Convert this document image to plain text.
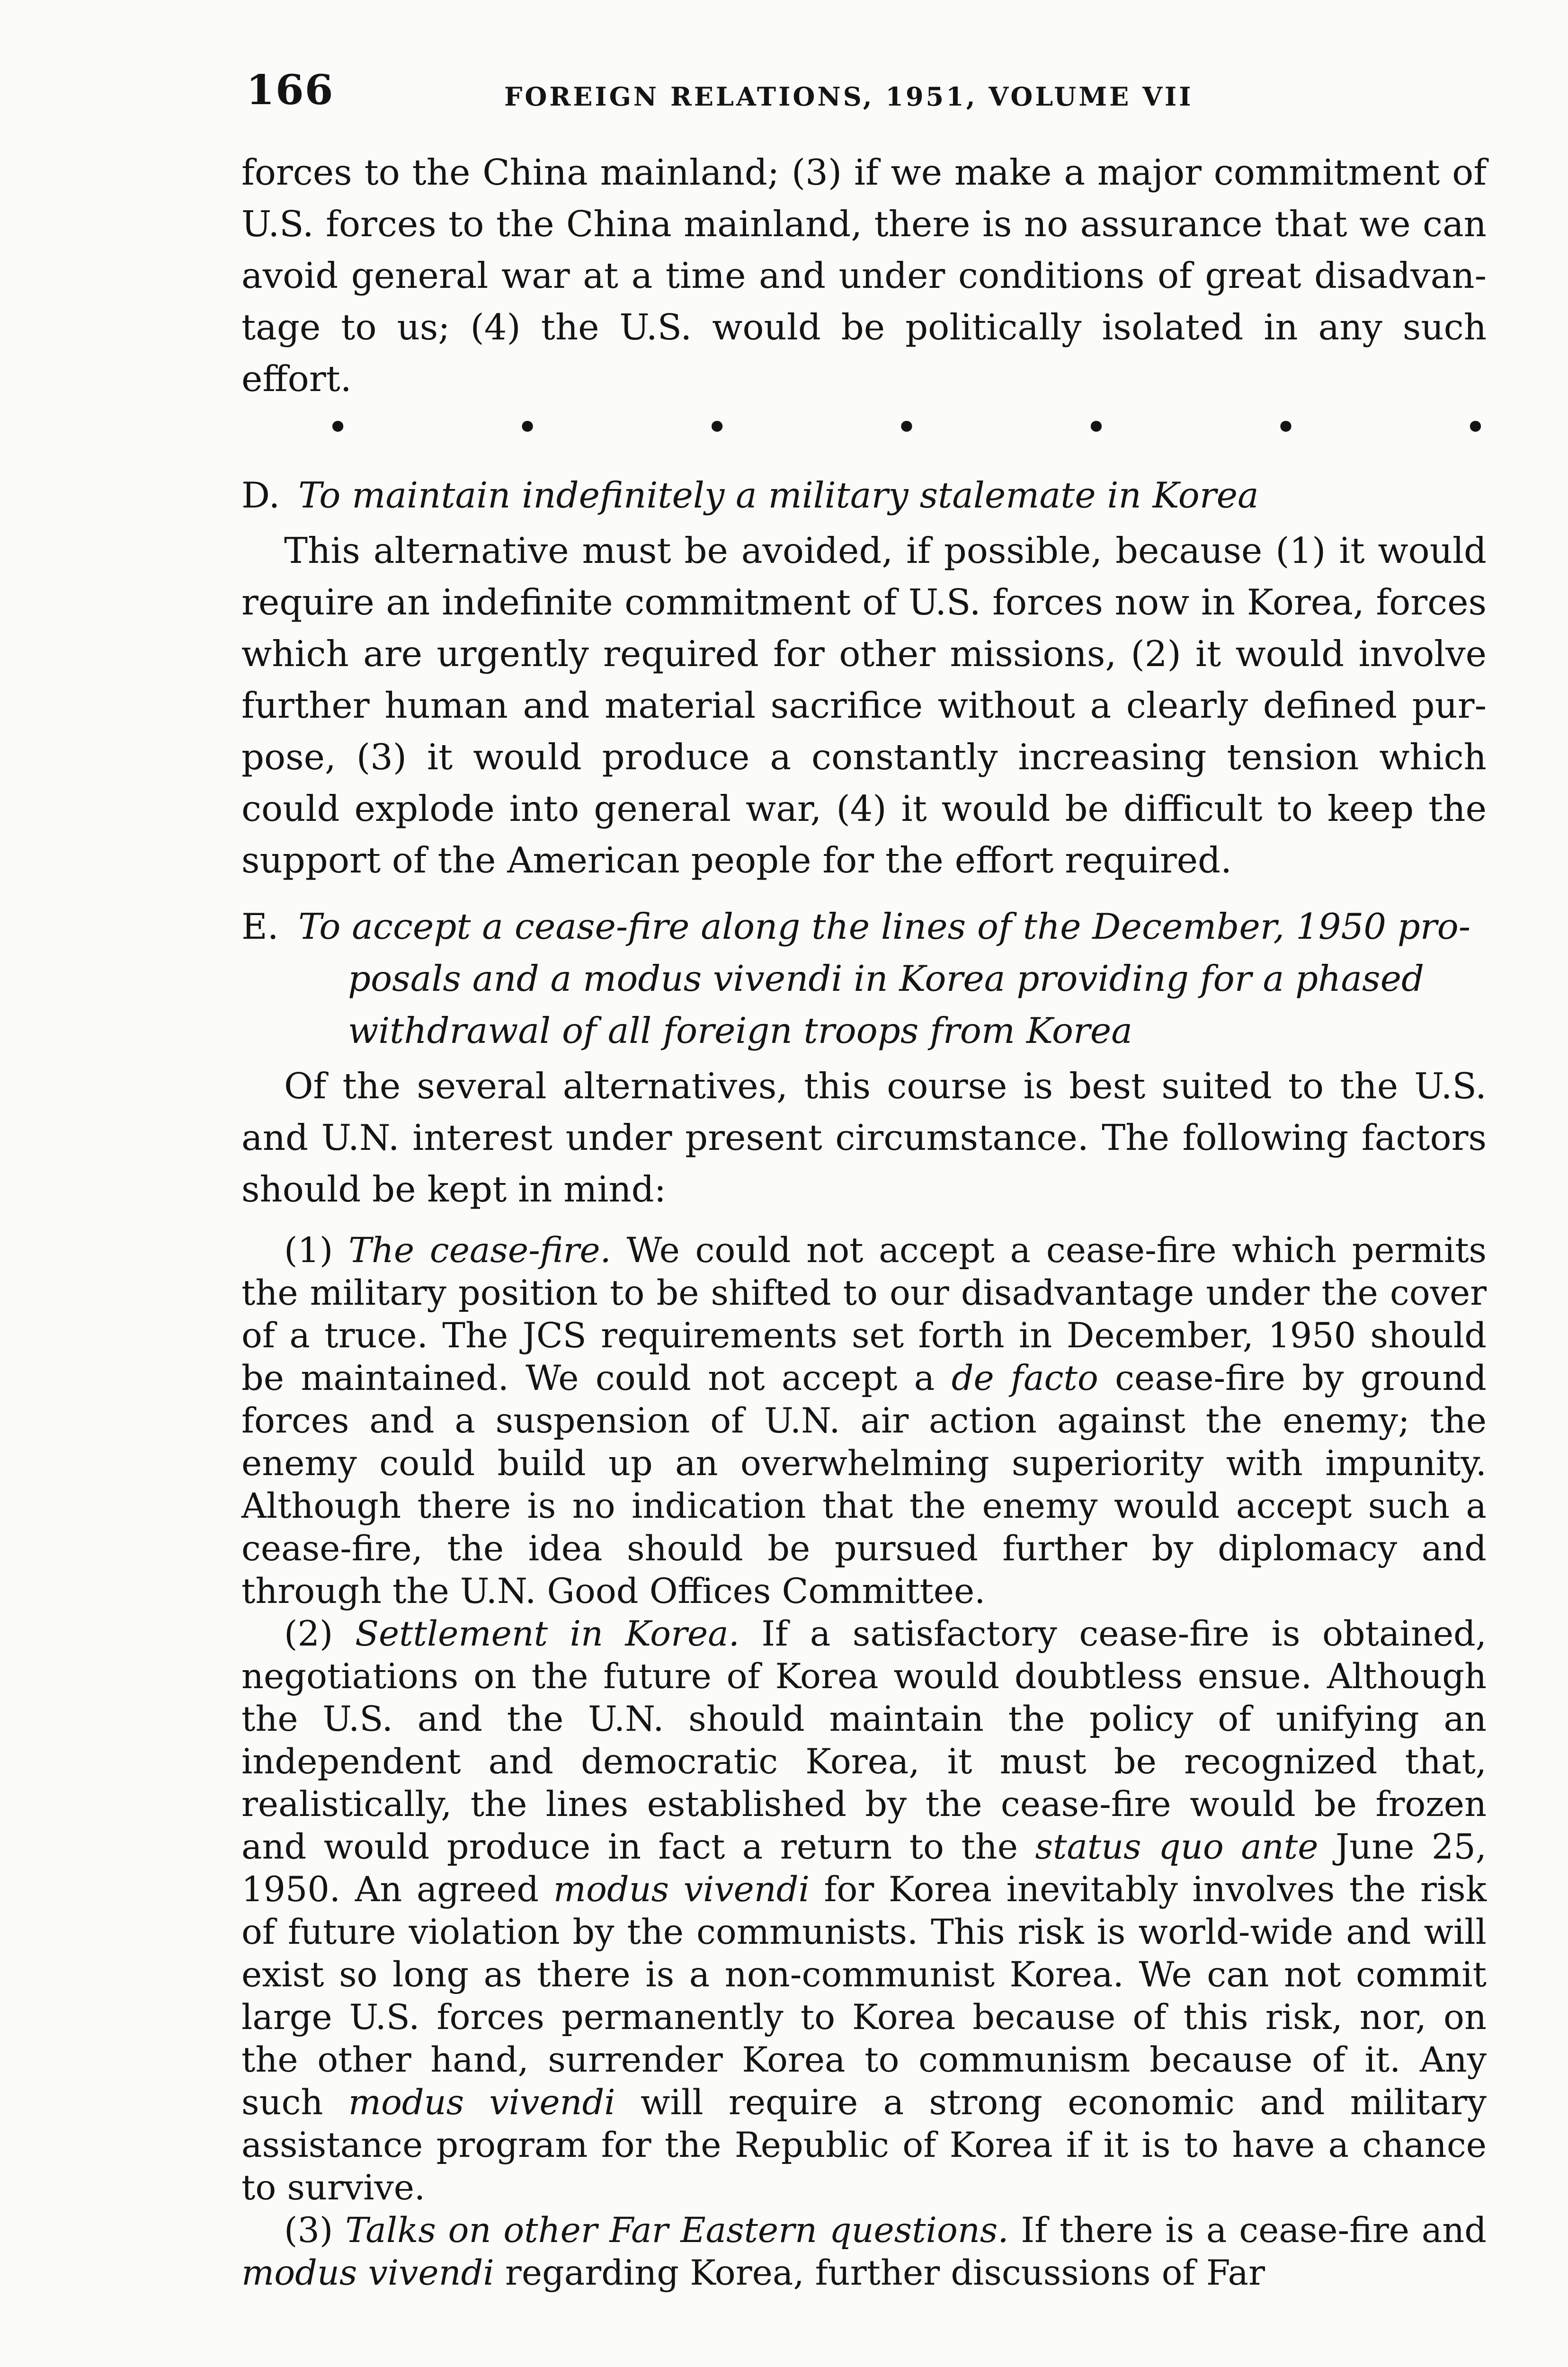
166	FOREIGN RELATIONS, 1951, VOLUME VII

forces to the China mainland; (3) if we make a major commitment of U.S. forces to the China mainland, there is no assurance that we can avoid general war at a time and under conditions of great disadvantage to us; (4) the U.S. would be politically isolated in any such effort.

•	•	•	•	•	•	•

D. To maintain indefinitely a military stalemate in Korea

This alternative must be avoided, if possible, because (1) it would require an indefinite commitment of U.S. forces now in Korea, forces which are urgently required for other missions, (2) it would involve further human and material sacrifice without a clearly defined purpose, (3) it would produce a constantly increasing tension which could explode into general war, (4) it would be difficult to keep the support of the American people for the effort required.

E. To accept a cease-fire along the lines of the December, 1950 proposals and a modus vivendi in Korea providing for a phased withdrawal of all foreign troops from Korea

Of the several alternatives, this course is best suited to the U.S. and U.N. interest under present circumstance. The following factors should be kept in mind:

(1) The cease-fire. We could not accept a cease-fire which permits the military position to be shifted to our disadvantage under the cover of a truce. The JCS requirements set forth in December, 1950 should be maintained. We could not accept a de facto cease-fire by ground forces and a suspension of U.N. air action against the enemy; the enemy could build up an overwhelming superiority with impunity. Although there is no indication that the enemy would accept such a cease-fire, the idea should be pursued further by diplomacy and through the U.N. Good Offices Committee.

(2) Settlement in Korea. If a satisfactory cease-fire is obtained, negotiations on the future of Korea would doubtless ensue. Although the U.S. and the U.N. should maintain the policy of unifying an independent and democratic Korea, it must be recognized that, realistically, the lines established by the cease-fire would be frozen and would produce in fact a return to the status quo ante June 25, 1950. An agreed modus vivendi for Korea inevitably involves the risk of future violation by the communists. This risk is world-wide and will exist so long as there is a non-communist Korea. We can not commit large U.S. forces permanently to Korea because of this risk, nor, on the other hand, surrender Korea to communism because of it. Any such modus vivendi will require a strong economic and military assistance program for the Republic of Korea if it is to have a chance to survive.

(3) Talks on other Far Eastern questions. If there is a cease-fire and modus vivendi regarding Korea, further discussions of Far
